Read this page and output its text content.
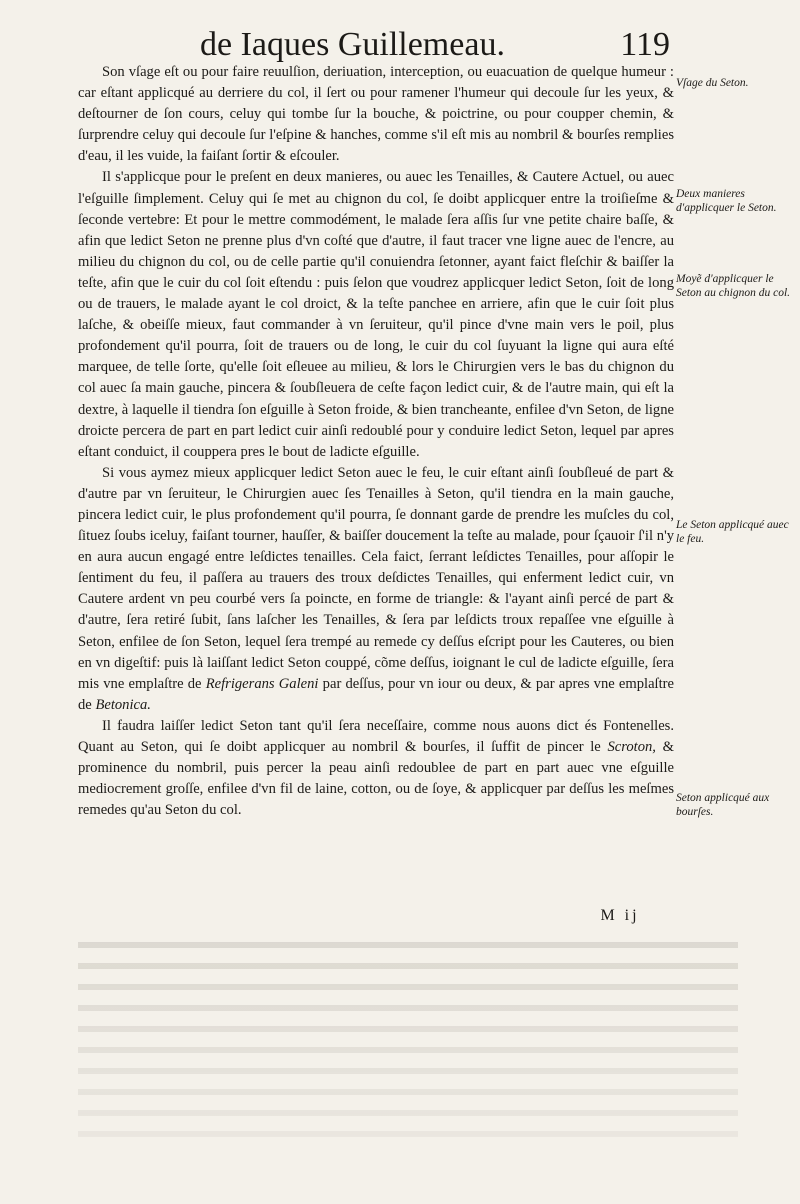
de Iaques Guillemeau.	119

Son vſage eſt ou pour faire reuulſion, deriuation, interception, ou euacuation de quelque humeur : car eſtant applicqué au derriere du col, il ſert ou pour ramener l'humeur qui decoule ſur les yeux, & deſtourner de ſon cours, celuy qui tombe ſur la bouche, & poictrine, ou pour coupper chemin, & ſurprendre celuy qui decoule ſur l'eſpine & hanches, comme s'il eſt mis au nombril & bourſes remplies d'eau, il les vuide, la faiſant ſortir & eſcouler.

Il s'applicque pour le preſent en deux manieres, ou auec les Tenailles, & Cautere Actuel, ou auec l'eſguille ſimplement. Celuy qui ſe met au chignon du col, ſe doibt applicquer entre la troiſieſme & ſeconde vertebre: Et pour le mettre commodément, le malade ſera aſſis ſur vne petite chaire baſſe, & afin que ledict Seton ne prenne plus d'vn coſté que d'autre, il faut tracer vne ligne auec de l'encre, au milieu du chignon du col, ou de celle partie qu'il conuiendra ſetonner, ayant faict fleſchir & baiſſer la teſte, afin que le cuir du col ſoit eſtendu : puis ſelon que voudrez applicquer ledict Seton, ſoit de long ou de trauers, le malade ayant le col droict, & la teſte panchee en arriere, afin que le cuir ſoit plus laſche, & obeiſſe mieux, faut commander à vn ſeruiteur, qu'il pince d'vne main vers le poil, plus profondement qu'il pourra, ſoit de trauers ou de long, le cuir du col ſuyuant la ligne qui aura eſté marquee, de telle ſorte, qu'elle ſoit eſleuee au milieu, & lors le Chirurgien vers le bas du chignon du col auec ſa main gauche, pincera & ſoubſleuera de ceſte façon ledict cuir, & de l'autre main, qui eſt la dextre, à laquelle il tiendra ſon eſguille à Seton froide, & bien trancheante, enfilee d'vn Seton, de ligne droicte percera de part en part ledict cuir ainſi redoublé pour y conduire ledict Seton, lequel par apres eſtant conduict, il couppera pres le bout de ladicte eſguille.

Si vous aymez mieux applicquer ledict Seton auec le feu, le cuir eſtant ainſi ſoubſleué de part & d'autre par vn ſeruiteur, le Chirurgien auec ſes Tenailles à Seton, qu'il tiendra en la main gauche, pincera ledict cuir, le plus profondement qu'il pourra, ſe donnant garde de prendre les muſcles du col, ſituez ſoubs iceluy, faiſant tourner, hauſſer, & baiſſer doucement la teſte au malade, pour ſçauoir ſ'il n'y en aura aucun engagé entre leſdictes tenailles. Cela faict, ſerrant leſdictes Tenailles, pour aſſopir le ſentiment du feu, il paſſera au trauers des troux deſdictes Tenailles, qui enferment ledict cuir, vn Cautere ardent vn peu courbé vers ſa poincte, en forme de triangle: & l'ayant ainſi percé de part & d'autre, ſera retiré ſubit, ſans laſcher les Tenailles, & ſera par leſdicts troux repaſſee vne eſguille à Seton, enfilee de ſon Seton, lequel ſera trempé au remede cy deſſus eſcript pour les Cauteres, ou bien en vn digeſtif: puis là laiſſant ledict Seton couppé, cõme deſſus, ioignant le cul de ladicte eſguille, ſera mis vne emplaſtre de Refrigerans Galeni par deſſus, pour vn iour ou deux, & par apres vne emplaſtre de Betonica.

Il faudra laiſſer ledict Seton tant qu'il ſera neceſſaire, comme nous auons dict és Fontenelles. Quant au Seton, qui ſe doibt applicquer au nombril & bourſes, il ſuffit de pincer le Scroton, & prominence du nombril, puis percer la peau ainſi redoublee de part en part auec vne eſguille mediocrement groſſe, enfilee d'vn fil de laine, cotton, ou de ſoye, & applicquer par deſſus les meſmes remedes qu'au Seton du col.

Vſage du Seton.
Deux manieres d'applicquer le Seton.
Moyẽ d'applicquer le Seton au chignon du col.
Le Seton applicqué auec le feu.
Seton applicqué aux bourſes.
M ij
